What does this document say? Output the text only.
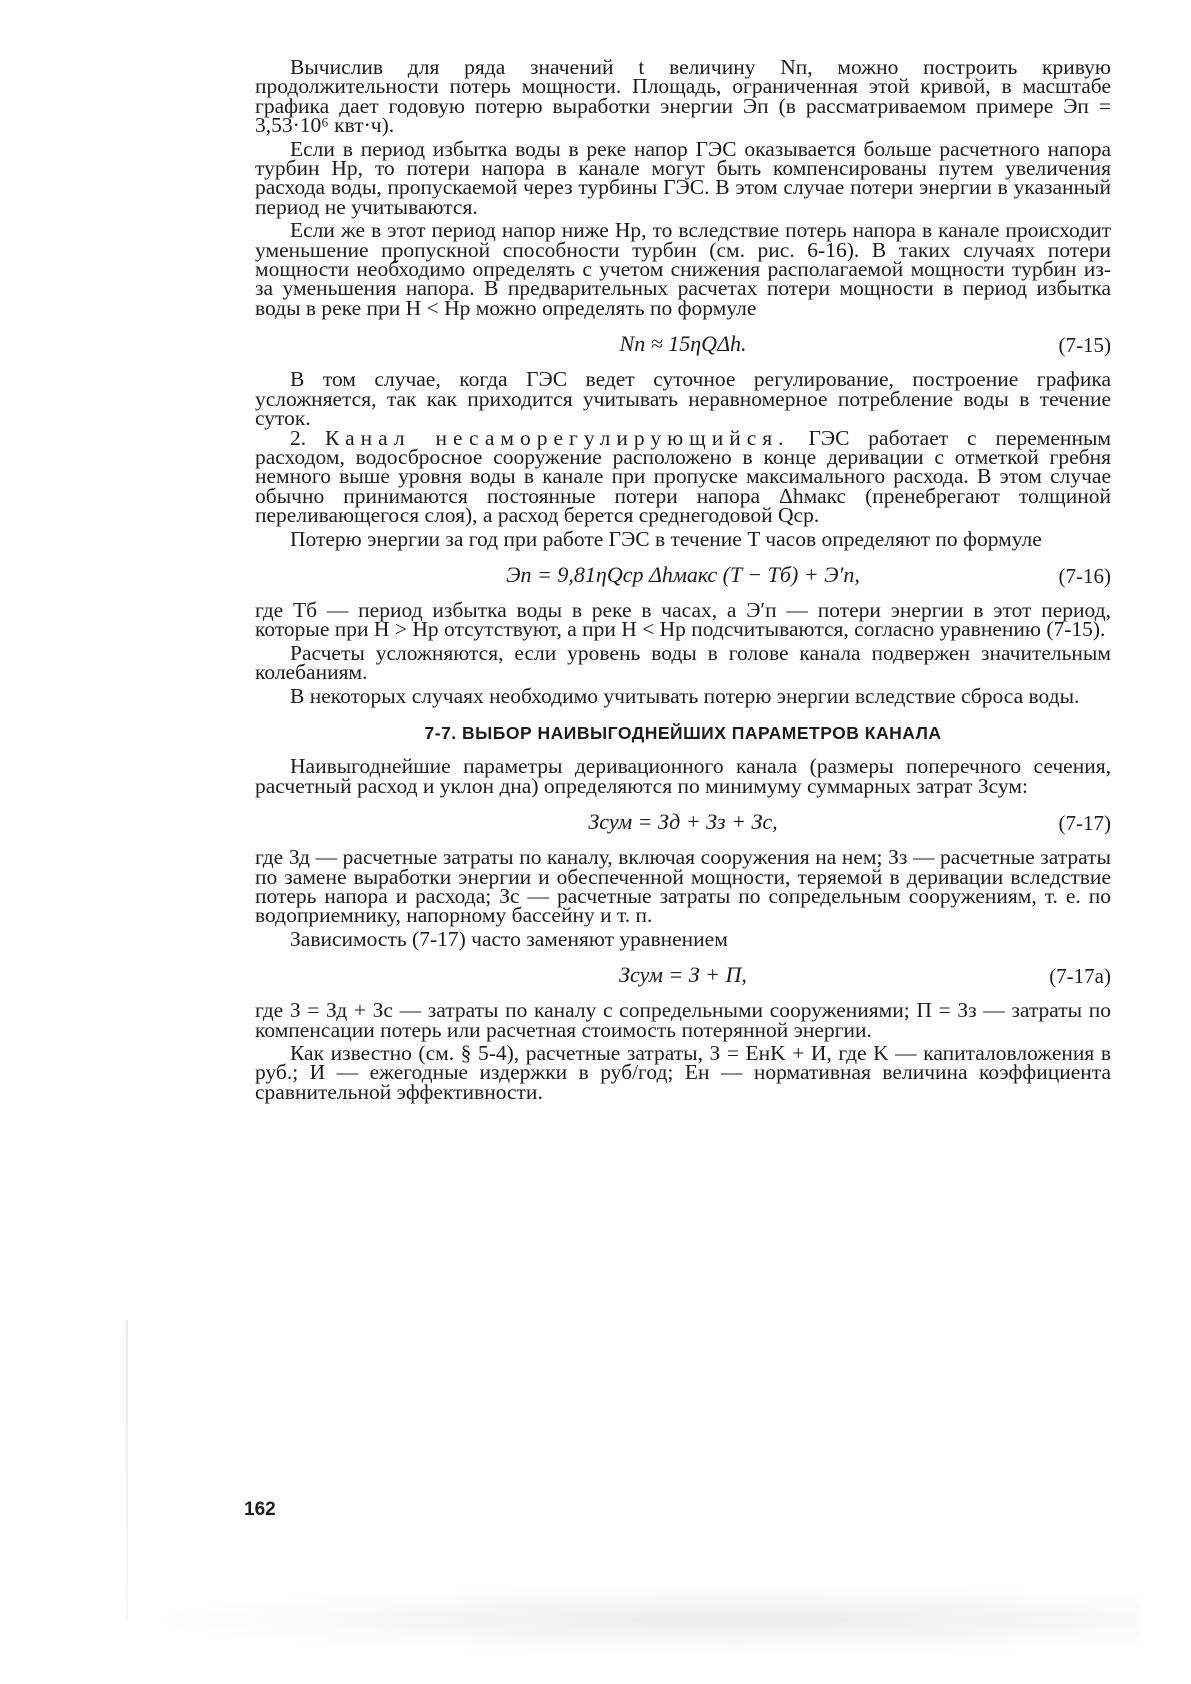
Вычислив для ряда значений t величину Nп, можно построить кривую продолжительности потерь мощности. Площадь, ограниченная этой кривой, в масштабе графика дает годовую потерю выработки энергии Эп (в рассматриваемом примере Эп = 3,53·10⁶ квт·ч).

Если в период избытка воды в реке напор ГЭС оказывается больше расчетного напора турбин Hр, то потери напора в канале могут быть компенсированы путем увеличения расхода воды, пропускаемой через турбины ГЭС. В этом случае потери энергии в указанный период не учитываются.

Если же в этот период напор ниже Hр, то вследствие потерь напора в канале происходит уменьшение пропускной способности турбин (см. рис. 6-16). В таких случаях потери мощности необходимо определять с учетом снижения располагаемой мощности турбин из-за уменьшения напора. В предварительных расчетах потери мощности в период избытка воды в реке при H < Hр можно определять по формуле

Nп ≈ 15ηQΔh.	(7-15)

В том случае, когда ГЭС ведет суточное регулирование, построение графика усложняется, так как приходится учитывать неравномерное потребление воды в течение суток.

2. Канал несаморегулирующийся. ГЭС работает с переменным расходом, водосбросное сооружение расположено в конце деривации с отметкой гребня немного выше уровня воды в канале при пропуске максимального расхода. В этом случае обычно принимаются постоянные потери напора Δhмакс (пренебрегают толщиной переливающегося слоя), а расход берется среднегодовой Qср.

Потерю энергии за год при работе ГЭС в течение T часов определяют по формуле

Эп = 9,81ηQср Δhмакс (T − Tб) + Э′п,	(7-16)

где Tб — период избытка воды в реке в часах, а Э′п — потери энергии в этот период, которые при H > Hр отсутствуют, а при H < Hр подсчитываются, согласно уравнению (7-15).

Расчеты усложняются, если уровень воды в голове канала подвержен значительным колебаниям.

В некоторых случаях необходимо учитывать потерю энергии вследствие сброса воды.

7-7. ВЫБОР НАИВЫГОДНЕЙШИХ ПАРАМЕТРОВ КАНАЛА

Наивыгоднейшие параметры деривационного канала (размеры поперечного сечения, расчетный расход и уклон дна) определяются по минимуму суммарных затрат Зсум:

Зсум = Зд + Зз + Зс,	(7-17)

где Зд — расчетные затраты по каналу, включая сооружения на нем; Зз — расчетные затраты по замене выработки энергии и обеспеченной мощности, теряемой в деривации вследствие потерь напора и расхода; Зс — расчетные затраты по сопредельным сооружениям, т. е. по водоприемнику, напорному бассейну и т. п.

Зависимость (7-17) часто заменяют уравнением

Зсум = З + П,	(7-17а)

где З = Зд + Зс — затраты по каналу с сопредельными сооружениями; П = Зз — затраты по компенсации потерь или расчетная стоимость потерянной энергии.

Как известно (см. § 5-4), расчетные затраты, З = EнK + И, где K — капиталовложения в руб.; И — ежегодные издержки в руб/год; Eн — нормативная величина коэффициента сравнительной эффективности.

162
